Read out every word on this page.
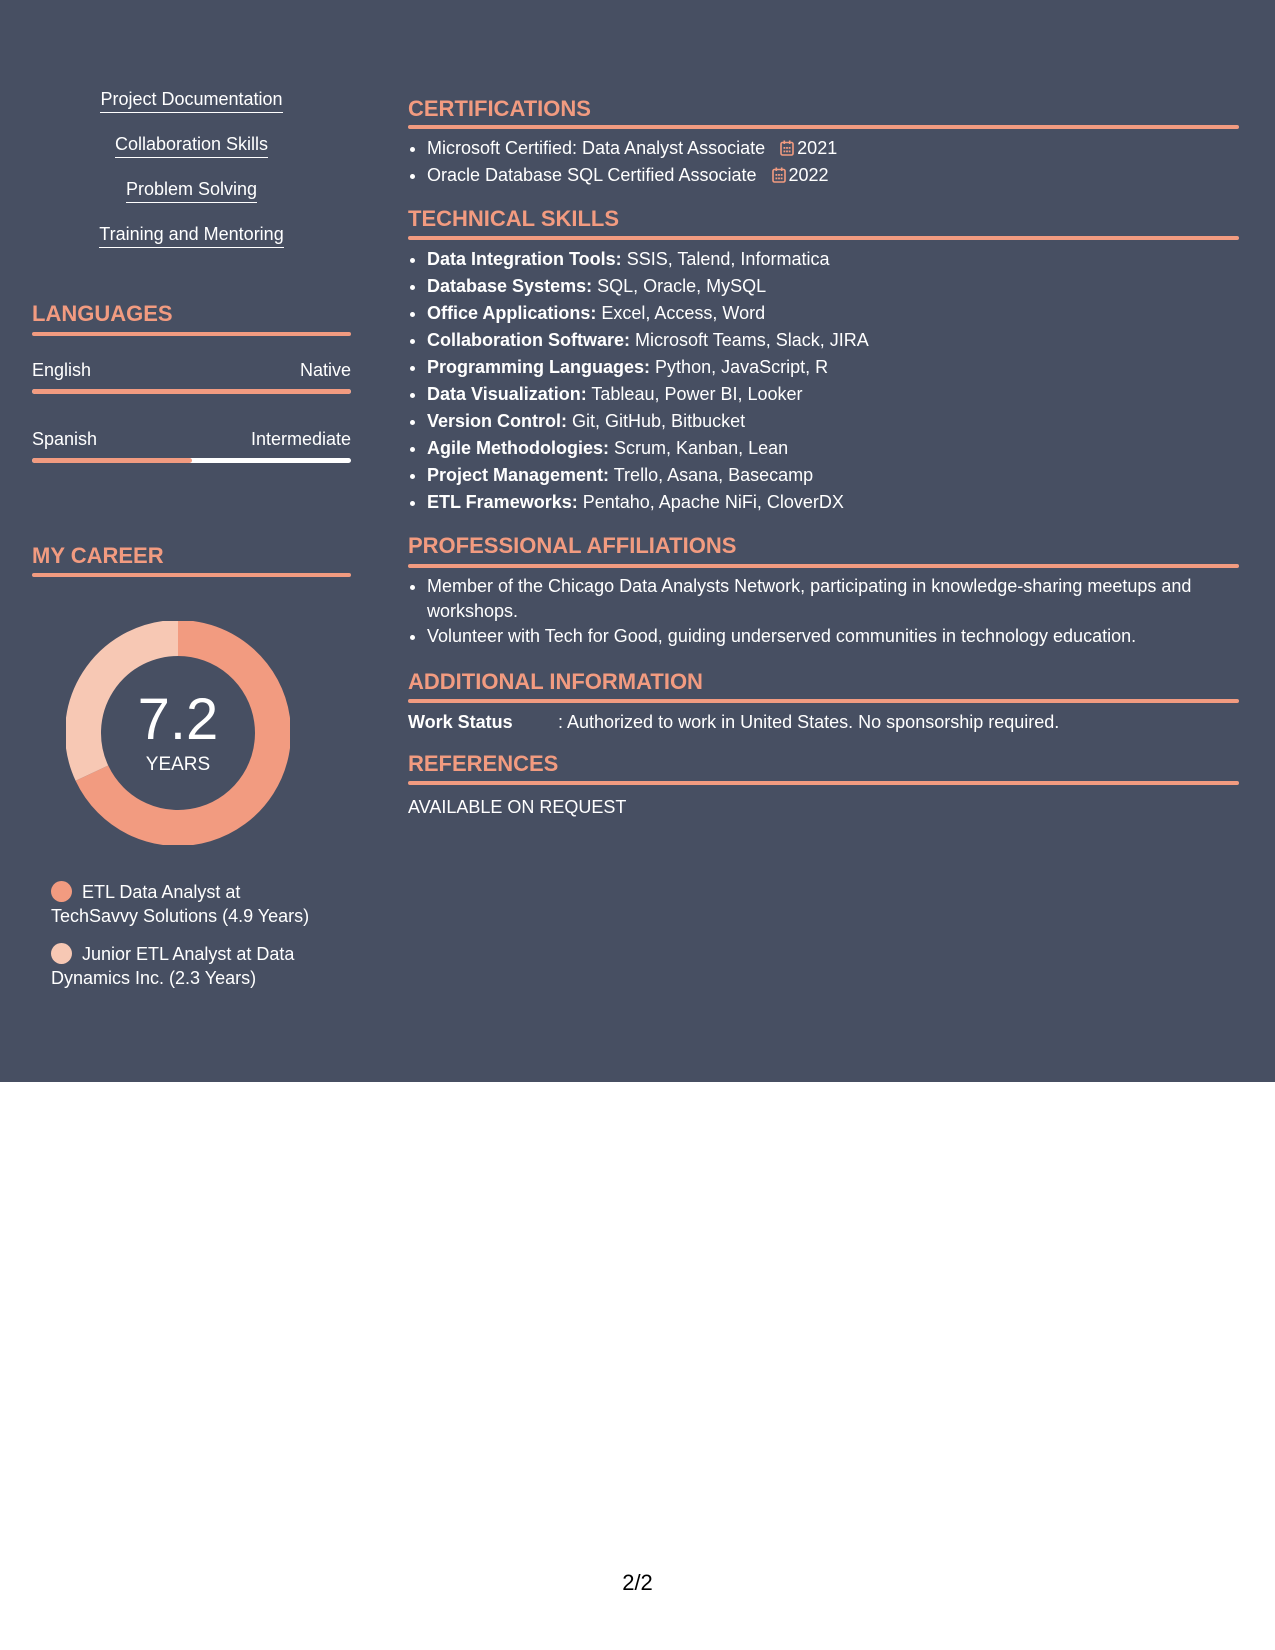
Project Documentation
Collaboration Skills
Problem Solving
Training and Mentoring
LANGUAGES
English	Native
Spanish	Intermediate
MY CAREER
7.2
YEARS
ETL Data Analyst at TechSavvy Solutions (4.9 Years)
Junior ETL Analyst at Data Dynamics Inc. (2.3 Years)
CERTIFICATIONS
• Microsoft Certified: Data Analyst Associate 2021
• Oracle Database SQL Certified Associate 2022
TECHNICAL SKILLS
• Data Integration Tools: SSIS, Talend, Informatica
• Database Systems: SQL, Oracle, MySQL
• Office Applications: Excel, Access, Word
• Collaboration Software: Microsoft Teams, Slack, JIRA
• Programming Languages: Python, JavaScript, R
• Data Visualization: Tableau, Power BI, Looker
• Version Control: Git, GitHub, Bitbucket
• Agile Methodologies: Scrum, Kanban, Lean
• Project Management: Trello, Asana, Basecamp
• ETL Frameworks: Pentaho, Apache NiFi, CloverDX
PROFESSIONAL AFFILIATIONS
• Member of the Chicago Data Analysts Network, participating in knowledge-sharing meetups and workshops.
• Volunteer with Tech for Good, guiding underserved communities in technology education.
ADDITIONAL INFORMATION
Work Status	: Authorized to work in United States. No sponsorship required.
REFERENCES
AVAILABLE ON REQUEST
2/2
